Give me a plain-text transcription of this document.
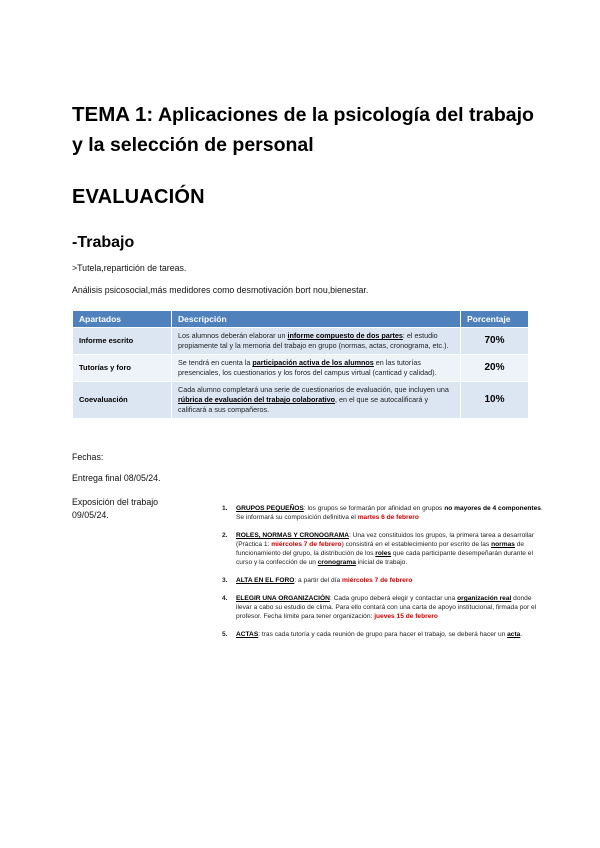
TEMA 1: Aplicaciones de la psicología del trabajo y la selección de personal
EVALUACIÓN
-Trabajo
>Tutela,repartición de tareas.
Análisis psicosocial,más medidores como desmotivación bort nou,bienestar.
Apartados	Descripción	Porcentaje
Informe escrito	Los alumnos deberán elaborar un informe compuesto de dos partes: el estudio propiamente tal y la memoria del trabajo en grupo (normas, actas, cronograma, etc.).	70%
Tutorías y foro	Se tendrá en cuenta la participación activa de los alumnos en las tutorías presenciales, los cuestionarios y los foros del campus virtual (canticad y calidad).	20%
Coevaluación	Cada alumno completará una serie de cuestionarios de evaluación, que incluyen una rúbrica de evaluación del trabajo colaborativo, en el que se autocalificará y calificará a sus compañeros.	10%
Fechas:
Entrega final 08/05/24.
Exposición del trabajo
09/05/24.
1. GRUPOS PEQUEÑOS: los grupos se formarán por afinidad en grupos no mayores de 4 componentes. Se informará su composición definitiva el martes 6 de febrero
2. ROLES, NORMAS Y CRONOGRAMA: Una vez constituidos los grupos, la primera tarea a desarrollar (Práctica 1: miércoles 7 de febrero) consistirá en el establecimiento por escrito de las normas de funcionamiento del grupo, la distribución de los roles que cada participante desempeñarán durante el curso y la confección de un cronograma inicial de trabajo.
3. ALTA EN EL FORO: a partir del día miércoles 7 de febrero
4. ELEGIR UNA ORGANIZACIÓN: Cada grupo deberá elegir y contactar una organización real donde llevar a cabo su estudio de clima. Para ello contará con una carta de apoyo institucional, firmada por el profesor. Fecha límite para tener organización: jueves 15 de febrero
5. ACTAS: tras cada tutoría y cada reunión de grupo para hacer el trabajo, se deberá hacer un acta.
